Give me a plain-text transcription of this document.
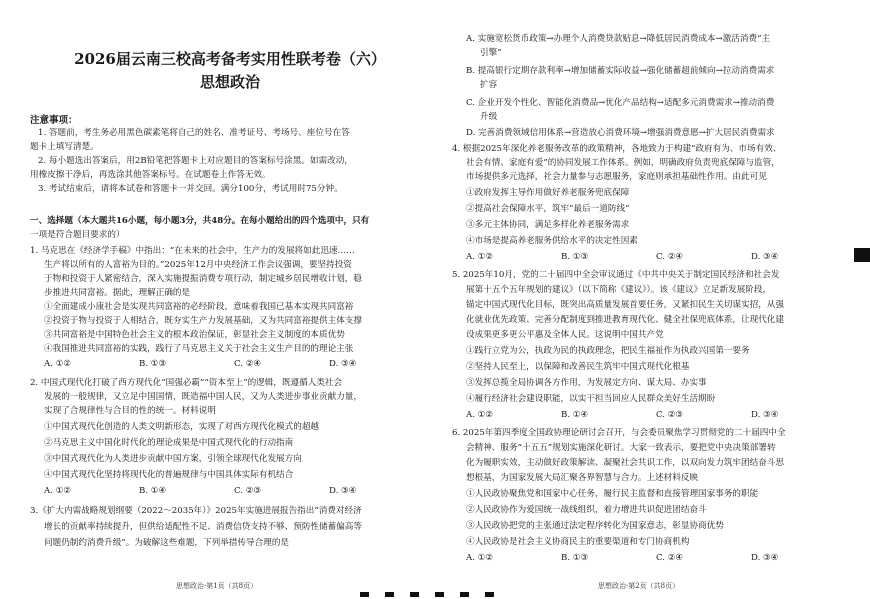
2026届云南三校高考备考实用性联考卷（六）
思想政治
注意事项：
1. 答题前，考生务必用黑色碳素笔将自己的姓名、准考证号、考场号、座位号在答
题卡上填写清楚。
2. 每小题选出答案后，用2B铅笔把答题卡上对应题目的答案标号涂黑。如需改动，
用橡皮擦干净后，再选涂其他答案标号。在试题卷上作答无效。
3. 考试结束后，请将本试卷和答题卡一并交回。满分100分，考试用时75分钟。
一、选择题（本大题共16小题，每小题3分，共48分。在每小题给出的四个选项中，只有
一项是符合题目要求的）
1. 马克思在《经济学手稿》中指出：“在未来的社会中，生产力的发展将如此迅速……
生产将以所有的人富裕为目的。”2025年12月中央经济工作会议强调，要坚持投资
于物和投资于人紧密结合，深入实施提振消费专项行动，制定城乡居民增收计划，稳
步推进共同富裕。据此，理解正确的是
①全面建成小康社会是实现共同富裕的必经阶段，意味着我国已基本实现共同富裕
②投资于物与投资于人相结合，既夯实生产力发展基础，又为共同富裕提供主体支撑
③共同富裕是中国特色社会主义的根本政治保证，彰显社会主义制度的本质优势
④我国推进共同富裕的实践，践行了马克思主义关于社会主义生产目的的理论主张
A. ①②	B. ①③	C. ②④	D. ③④
2. 中国式现代化打破了西方现代化“国强必霸”“资本至上”的逻辑，既遵循人类社会
发展的一般规律，又立足中国国情，既造福中国人民，又为人类进步事业贡献力量，
实现了合规律性与合目的性的统一。材料说明
①中国式现代化创造的人类文明新形态，实现了对西方现代化模式的超越
②马克思主义中国化时代化的理论成果是中国式现代化的行动指南
③中国式现代化为人类进步贡献中国方案，引领全球现代化发展方向
④中国式现代化坚持将现代化的普遍规律与中国具体实际有机结合
A. ①②	B. ①④	C. ②③	D. ③④
3.《扩大内需战略规划纲要（2022～2035年）》2025年实施进展报告指出“消费对经济
增长的贡献率持续提升，但供给适配性不足、消费信贷支持不够、预防性储蓄偏高等
问题仍制约消费升级”。为破解这些难题，下列举措传导合理的是
思想政治·第1页（共8页）
A. 实施宽松货币政策→办理个人消费贷款贴息→降低居民消费成本→激活消费“主
引擎”
B. 提高银行定期存款利率→增加储蓄实际收益→强化储蓄超前倾向→拉动消费需求
扩容
C. 企业开发个性化、智能化消费品→优化产品结构→适配多元消费需求→推动消费
升级
D. 完善消费领域信用体系→营造放心消费环境→增强消费意愿→扩大居民消费需求
4. 根据2025年深化养老服务改革的政策精神，各地致力于构建“政府有为、市场有效、
社会有情、家庭有爱”的协同发展工作体系。例如，明确政府负责兜底保障与监管，
市场提供多元选择，社会力量参与志愿服务，家庭则承担基础性作用。由此可见
①政府发挥主导作用做好养老服务兜底保障
②提高社会保障水平，筑牢“最后一道防线”
③多元主体协同，满足多样化养老服务需求
④市场是提高养老服务供给水平的决定性因素
A. ①②	B. ①③	C. ②④	D. ③④
5. 2025年10月，党的二十届四中全会审议通过《中共中央关于制定国民经济和社会发
展第十五个五年规划的建议》（以下简称《建议》）。该《建议》立足新发展阶段，
锚定中国式现代化目标，既突出高质量发展首要任务，又紧扣民生关切谋实招，从强
化就业优先政策、完善分配制度到推进教育现代化、健全社保兜底体系，让现代化建
设成果更多更公平惠及全体人民。这说明中国共产党
①践行立党为公，执政为民的执政理念，把民生福祉作为执政兴国第一要务
②坚持人民至上，以保障和改善民生筑牢中国式现代化根基
③发挥总揽全局协调各方作用，为发展定方向、谋大局、办实事
④履行经济社会建设职能，以实干担当回应人民群众美好生活期盼
A. ①②	B. ①④	C. ②③	D. ③④
6. 2025年第四季度全国政协理论研讨会召开，与会委员聚焦学习贯彻党的二十届四中全
会精神、服务“十五五”规划实施深化研讨。大家一致表示，要把党中央决策部署转
化为履职实效，主动做好政策解读、凝聚社会共识工作，以双向发力筑牢团结奋斗思
想根基，为国家发展大局汇聚各界智慧与合力。上述材料反映
①人民政协聚焦党和国家中心任务，履行民主监督和直接管理国家事务的职能
②人民政协作为爱国统一战线组织，着力增进共识促进团结奋斗
③人民政协把党的主张通过法定程序转化为国家意志，彰显协商优势
④人民政协是社会主义协商民主的重要渠道和专门协商机构
A. ①②	B. ①③	C. ②④	D. ③④
思想政治·第2页（共8页）
